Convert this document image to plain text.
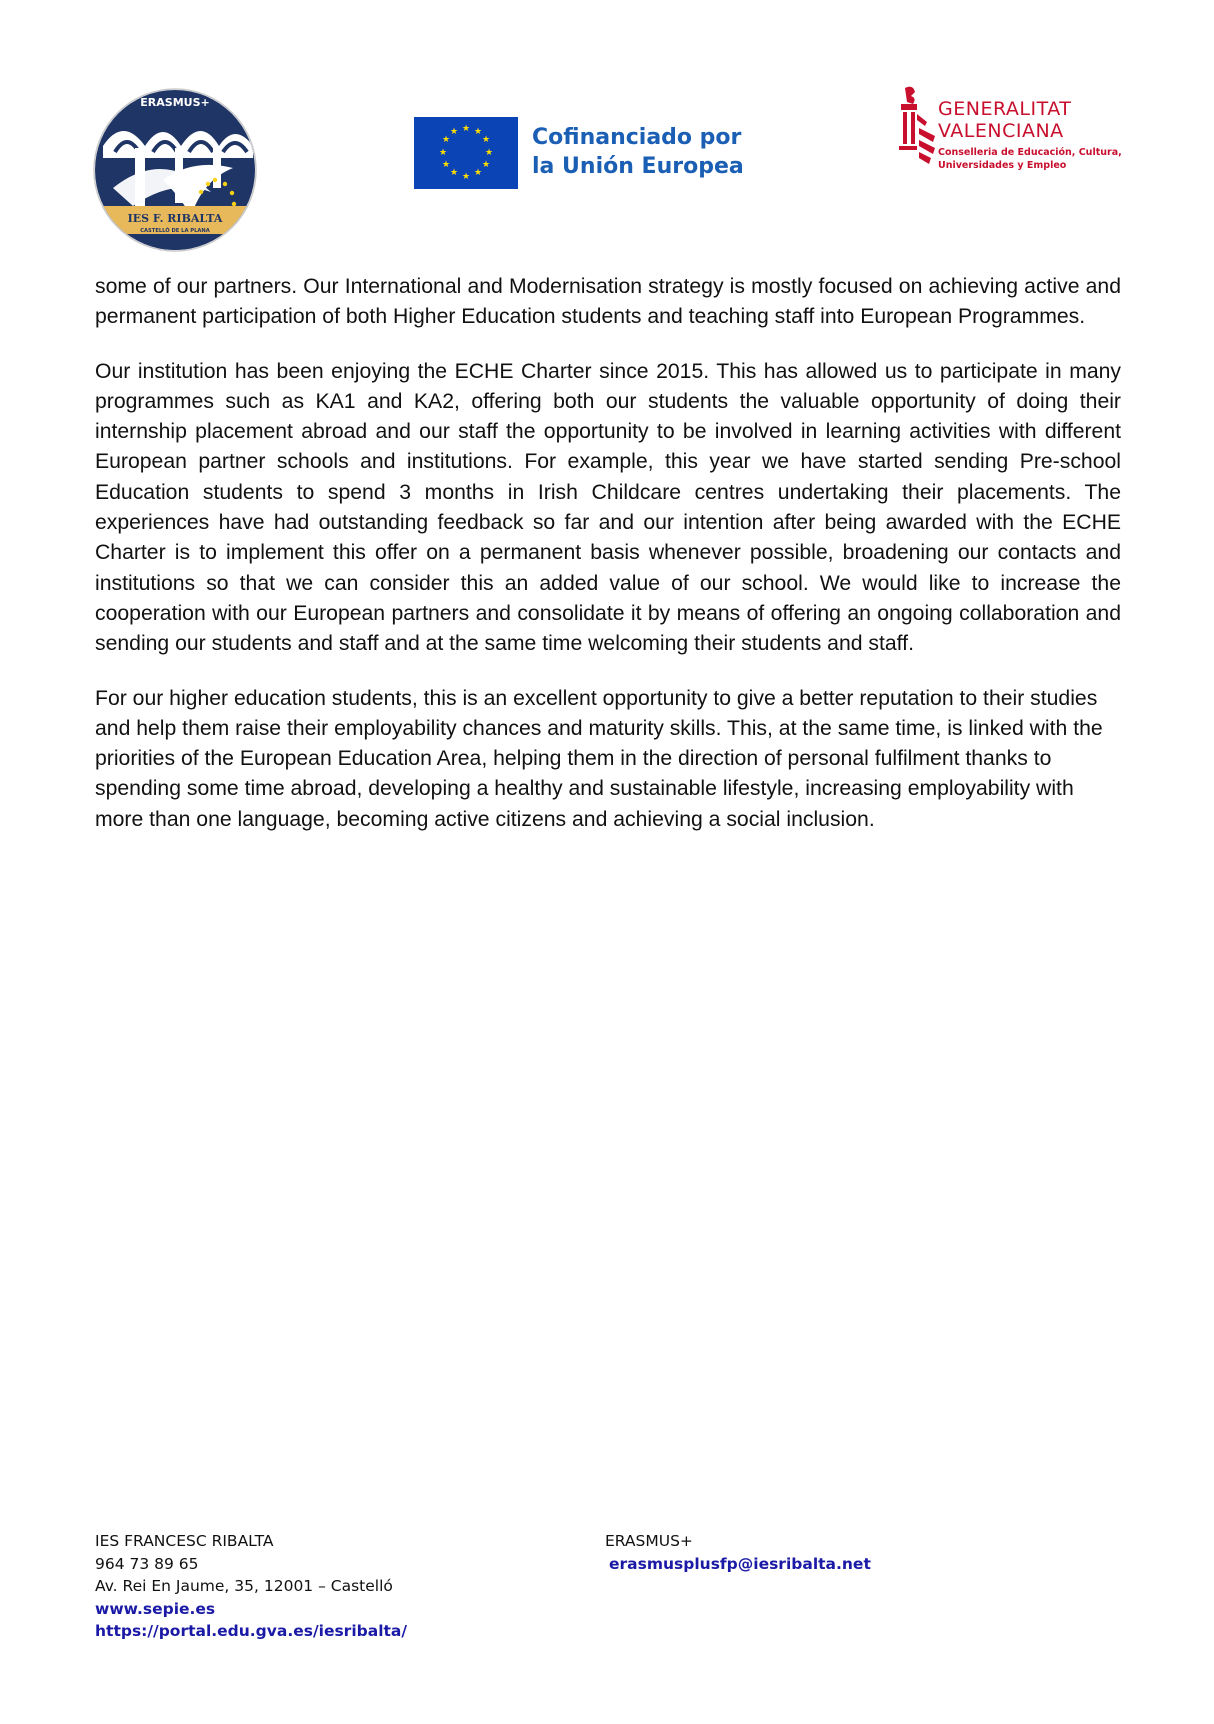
ERASMUS+
IES F. RIBALTA
CASTELLÓ DE LA PLANA
★ ★
★
★
★
★
★
★
★
★
★
★	Cofinanciado por
la Unión Europea
GENERALITAT
VALENCIANA
Conselleria de Educación, Cultura,
Universidades y Empleo

some of our partners. Our International and Modernisation strategy is mostly focused on achieving active and permanent participation of both Higher Education students and teaching staff into European Programmes.

Our institution has been enjoying the ECHE Charter since 2015. This has allowed us to participate in many programmes such as KA1 and KA2, offering both our students the valuable opportunity of doing their internship placement abroad and our staff the opportunity to be involved in learning activities with different European partner schools and institutions. For example, this year we have started sending Pre-school Education students to spend 3 months in Irish Childcare centres undertaking their placements. The experiences have had outstanding feedback so far and our intention after being awarded with the ECHE Charter is to implement this offer on a permanent basis whenever possible, broadening our contacts and institutions so that we can consider this an added value of our school. We would like to increase the cooperation with our European partners and consolidate it by means of offering an ongoing collaboration and sending our students and staff and at the same time welcoming their students and staff.

For our higher education students, this is an excellent opportunity to give a better reputation to their studies and help them raise their employability chances and maturity skills. This, at the same time, is linked with the priorities of the European Education Area, helping them in the direction of personal fulfilment thanks to spending some time abroad, developing a healthy and sustainable lifestyle, increasing employability with more than one language, becoming active citizens and achieving a social inclusion.

IES FRANCESC RIBALTA
964 73 89 65
Av. Rei En Jaume, 35, 12001 – Castelló
www.sepie.es
https://portal.edu.gva.es/iesribalta/
ERASMUS+
erasmusplusfp@iesribalta.net
